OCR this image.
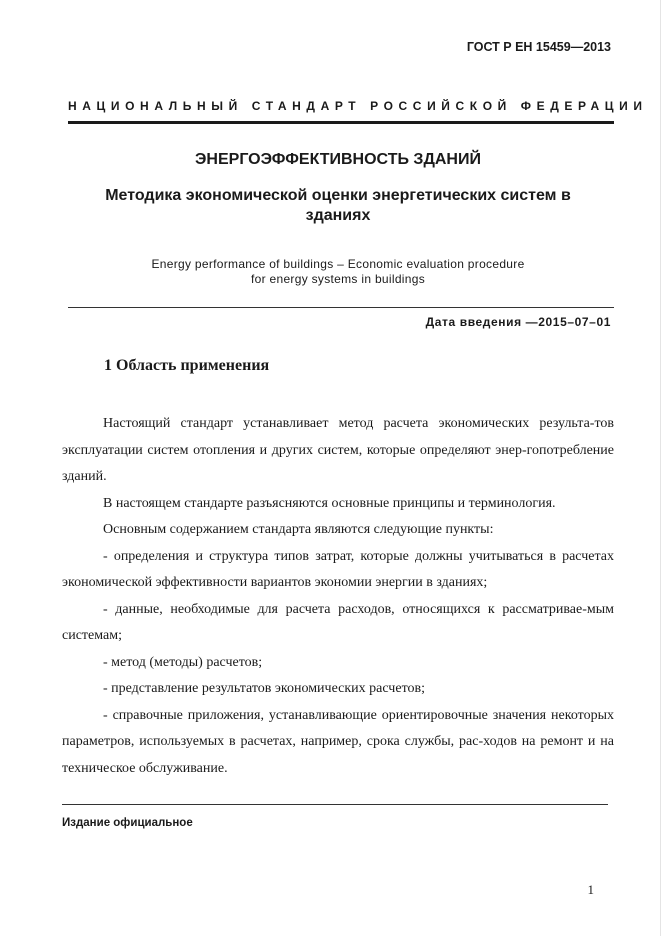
ГОСТ Р ЕН 15459—2013
НАЦИОНАЛЬНЫЙ СТАНДАРТ РОССИЙСКОЙ ФЕДЕРАЦИИ
ЭНЕРГОЭФФЕКТИВНОСТЬ ЗДАНИЙ
Методика экономической оценки энергетических систем в
зданиях
Energy performance of buildings – Economic evaluation procedure
for energy systems in buildings
Дата введения —2015–07–01
1 Область применения

Настоящий стандарт устанавливает метод расчета экономических результа-тов эксплуатации систем отопления и других систем, которые определяют энер-гопотребление зданий.

В настоящем стандарте разъясняются основные принципы и терминология.

Основным содержанием стандарта являются следующие пункты:

- определения и структура типов затрат, которые должны учитываться в расчетах экономической эффективности вариантов экономии энергии в зданиях;

- данные, необходимые для расчета расходов, относящихся к рассматривае-мым системам;

- метод (методы) расчетов;

- представление результатов экономических расчетов;

- справочные приложения, устанавливающие ориентировочные значения некоторых параметров, используемых в расчетах, например, срока службы, рас-ходов на ремонт и на техническое обслуживание.

Издание официальное
1
